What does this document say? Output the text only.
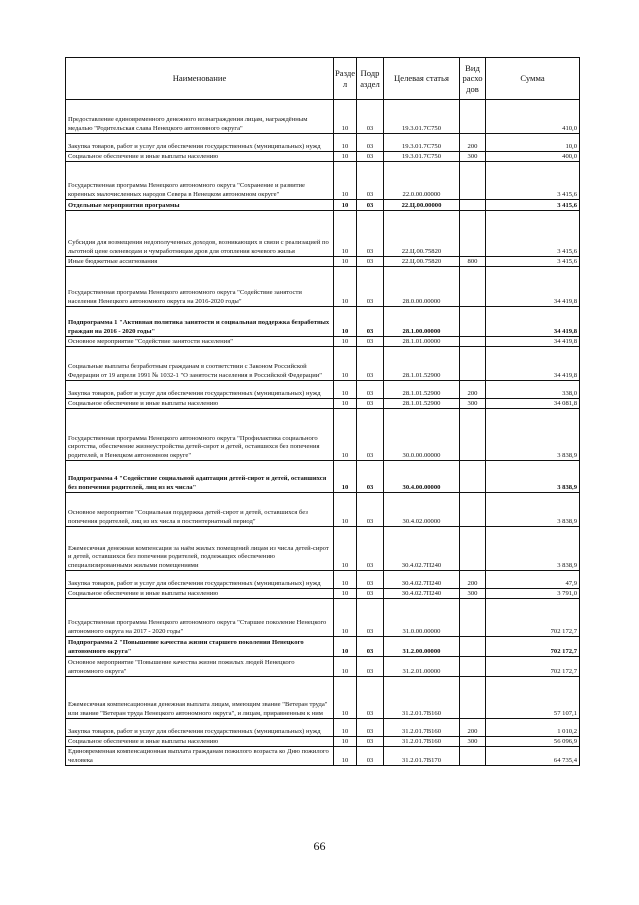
Наименование	Разде л	Подр аздел	Целевая статья	Вид расхо дов	Сумма
Предоставление единовременного денежного вознаграждения лицам, награждённым медалью "Родительская слава Ненецкого автономного округа"	10	03	19.3.01.7С750		410,0
Закупка товаров, работ и услуг для обеспечения государственных (муниципальных) нужд	10	03	19.3.01.7С750	200	10,0
Социальное обеспечение и иные выплаты населению	10	03	19.3.01.7С750	300	400,0
Государственная программа Ненецкого автономного округа "Сохранение и развитие коренных малочисленных народов Севера в Ненецком автономном округе"	10	03	22.0.00.00000		3 415,6
Отдельные мероприятия программы	10	03	22.Ц.00.00000		3 415,6
Субсидия для возмещения недополученных доходов, возникающих в связи с реализацией по льготной цене оленеводам и чумработницам дров для отопления кочевого жилья	10	03	22.Ц.00.75820		3 415,6
Иные бюджетные ассигнования	10	03	22.Ц.00.75820	800	3 415,6
Государственная программа Ненецкого автономного округа "Содействие занятости населения Ненецкого автономного округа на 2016-2020 годы"	10	03	28.0.00.00000		34 419,8
Подпрограмма 1 "Активная политика занятости и социальная поддержка безработных граждан на 2016 - 2020 годы"	10	03	28.1.00.00000		34 419,8
Основное мероприятие "Содействие занятости населения"	10	03	28.1.01.00000		34 419,8
Социальные выплаты безработным гражданам в соответствии с Законом Российской Федерации от 19 апреля 1991 № 1032-1 "О занятости населения в Российской Федерации"	10	03	28.1.01.52900		34 419,8
Закупка товаров, работ и услуг для обеспечения государственных (муниципальных) нужд	10	03	28.1.01.52900	200	338,0
Социальное обеспечение и иные выплаты населению	10	03	28.1.01.52900	300	34 081,8
Государственная программа Ненецкого автономного округа "Профилактика социального сиротства, обеспечение жизнеустройства детей-сирот и детей, оставшихся без попечения родителей, в Ненецком автономном округе"	10	03	30.0.00.00000		3 838,9
Подпрограмма 4 "Содействие социальной адаптации детей-сирот и детей, оставшихся без попечения родителей, лиц из их числа"	10	03	30.4.00.00000		3 838,9
Основное мероприятие "Социальная поддержка детей-сирот и детей, оставшихся без попечения родителей, лиц из их числа в постинтернатный период"	10	03	30.4.02.00000		3 838,9
Ежемесячная денежная компенсация за наём жилых помещений лицам из числа детей-сирот и детей, оставшихся без попечения родителей, подлежащих обеспечению специализированными жилыми помещениями	10	03	30.4.02.7П240		3 838,9
Закупка товаров, работ и услуг для обеспечения государственных (муниципальных) нужд	10	03	30.4.02.7П240	200	47,9
Социальное обеспечение и иные выплаты населению	10	03	30.4.02.7П240	300	3 791,0
Государственная программа Ненецкого автономного округа "Старшее поколение Ненецкого автономного округа на 2017 - 2020 годы"	10	03	31.0.00.00000		702 172,7
Подпрограмма 2 "Повышение качества жизни старшего поколения Ненецкого автономного округа"	10	03	31.2.00.00000		702 172,7
Основное мероприятие "Повышение качества жизни пожилых людей Ненецкого автономного округа"	10	03	31.2.01.00000		702 172,7
Ежемесячная компенсационная денежная выплата лицам, имеющим звание "Ветеран труда" или звание "Ветеран труда Ненецкого автономного округа", и лицам, приравненным к ним	10	03	31.2.01.7В160		57 107,1
Закупка товаров, работ и услуг для обеспечения государственных (муниципальных) нужд	10	03	31.2.01.7В160	200	1 010,2
Социальное обеспечение и иные выплаты населению	10	03	31.2.01.7В160	300	56 096,9
Единовременная компенсационная выплата гражданам пожилого возраста ко Дню пожилого человека	10	03	31.2.01.7В170		64 735,4
66
